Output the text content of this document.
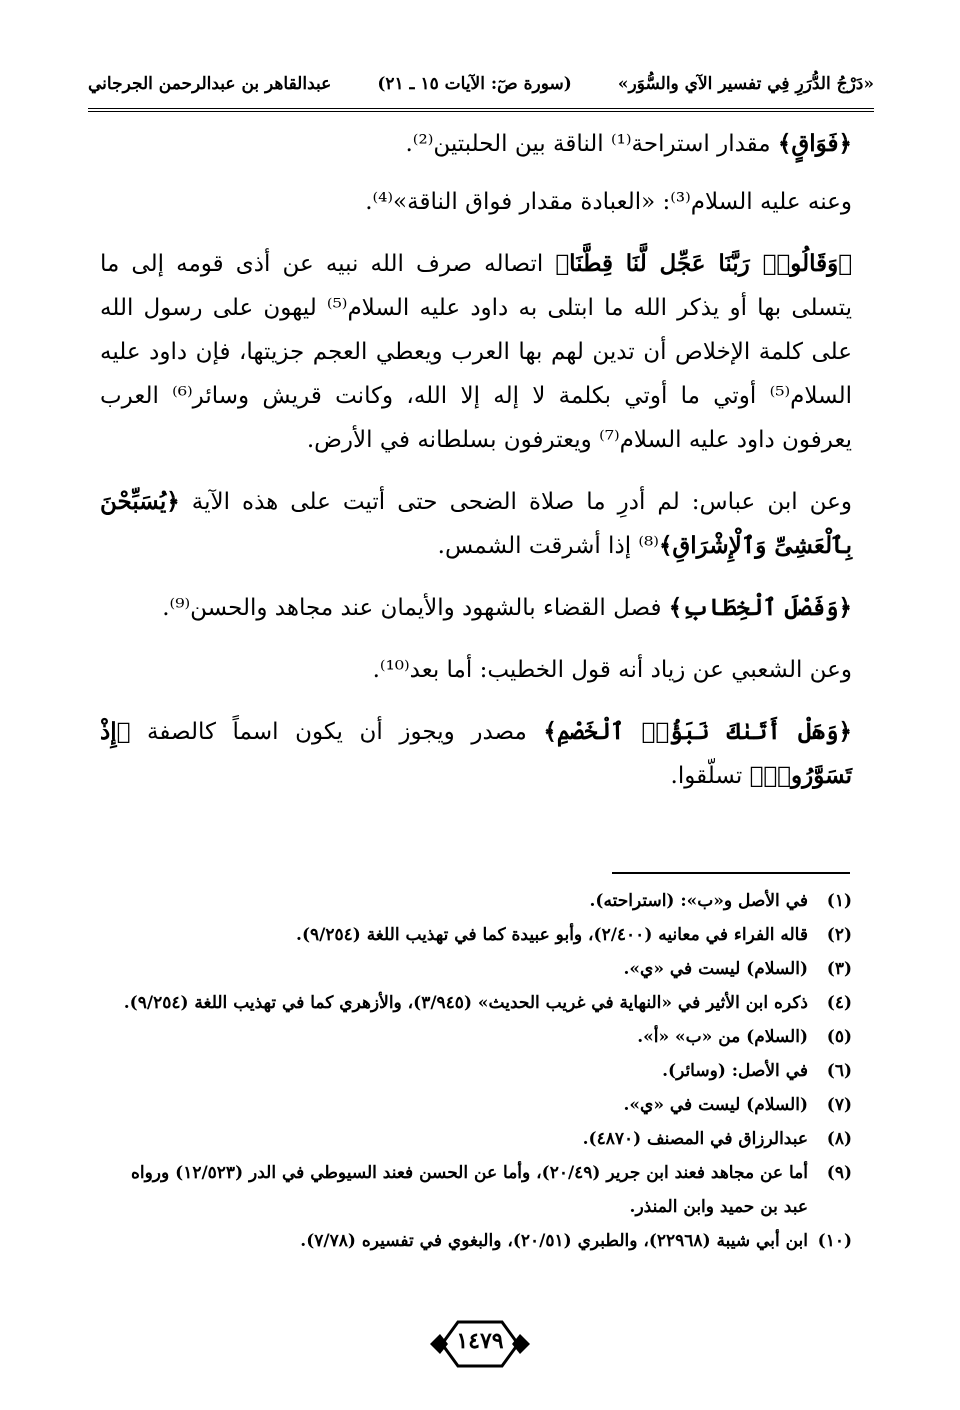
«دَرْجُ الدُّرَرِ فِي تفسير الآي والسُّوَر»
(سورة صٓ: الآيات ١٥ ـ ٢١)
عبدالقاهر بن عبدالرحمن الجرجاني

﴿فَوَاقٍ﴾ مقدار استراحة⁽¹⁾ الناقة بين الحلبتين⁽²⁾.

وعنه عليه السلام⁽³⁾: «العبادة مقدار فواق الناقة»⁽⁴⁾.

﴿وَقَالُوا۟ رَبَّنَا عَجِّل لَّنَا قِطَّنَا﴾ اتصاله صرف الله نبيه عن أذى قومه إلى ما يتسلى بها أو يذكر الله ما ابتلى به داود عليه السلام⁽⁵⁾ ليهون على رسول الله على كلمة الإخلاص أن تدين لهم بها العرب ويعطي العجم جزيتها، فإن داود عليه السلام⁽⁵⁾ أوتي ما أوتي بكلمة لا إله إلا الله، وكانت قريش وسائر⁽⁶⁾ العرب يعرفون داود عليه السلام⁽⁷⁾ ويعترفون بسلطانه في الأرض.

وعن ابن عباس: لم أدرِ ما صلاة الضحى حتى أتيت على هذه الآية ﴿يُسَبِّحْنَ بِٱلْعَشِىِّ وَٱلْإِشْرَاقِ﴾⁽⁸⁾ إذا أشرقت الشمس.

﴿وَفَصْلَ ٱلْخِطَابِ﴾ فصل القضاء بالشهود والأيمان عند مجاهد والحسن⁽⁹⁾.

وعن الشعبي عن زياد أنه قول الخطيب: أما بعد⁽¹⁰⁾.

﴿وَهَلْ أَتَىٰكَ نَبَؤُا۟ ٱلْخَصْمِ﴾ مصدر ويجوز أن يكون اسماً كالصفة ﴿إِذْ تَسَوَّرُوا۟﴾ تسلّقوا.

(١)
في الأصل و«ب»: (استراحته).
(٢)
قاله الفراء في معانيه (٢/٤٠٠)، وأبو عبيدة كما في تهذيب اللغة (٩/٢٥٤).
(٣)
(السلام) ليست في «ي».
(٤)
ذكره ابن الأثير في «النهاية في غريب الحديث» (٣/٩٤٥)، والأزهري كما في تهذيب اللغة (٩/٢٥٤).
(٥)
(السلام) من «ب» «أ».
(٦)
في الأصل: (وسائر).
(٧)
(السلام) ليست في «ي».
(٨)
عبدالرزاق في المصنف (٤٨٧٠).
(٩)
أما عن مجاهد فعند ابن جرير (٢٠/٤٩)، وأما عن الحسن فعند السيوطي في الدر (١٢/٥٢٣) ورواه عبد بن حميد وابن المنذر.
(١٠)
ابن أبي شيبة (٢٢٩٦٨)، والطبري (٢٠/٥١)، والبغوي في تفسيره (٧/٧٨).
١٤٧٩
